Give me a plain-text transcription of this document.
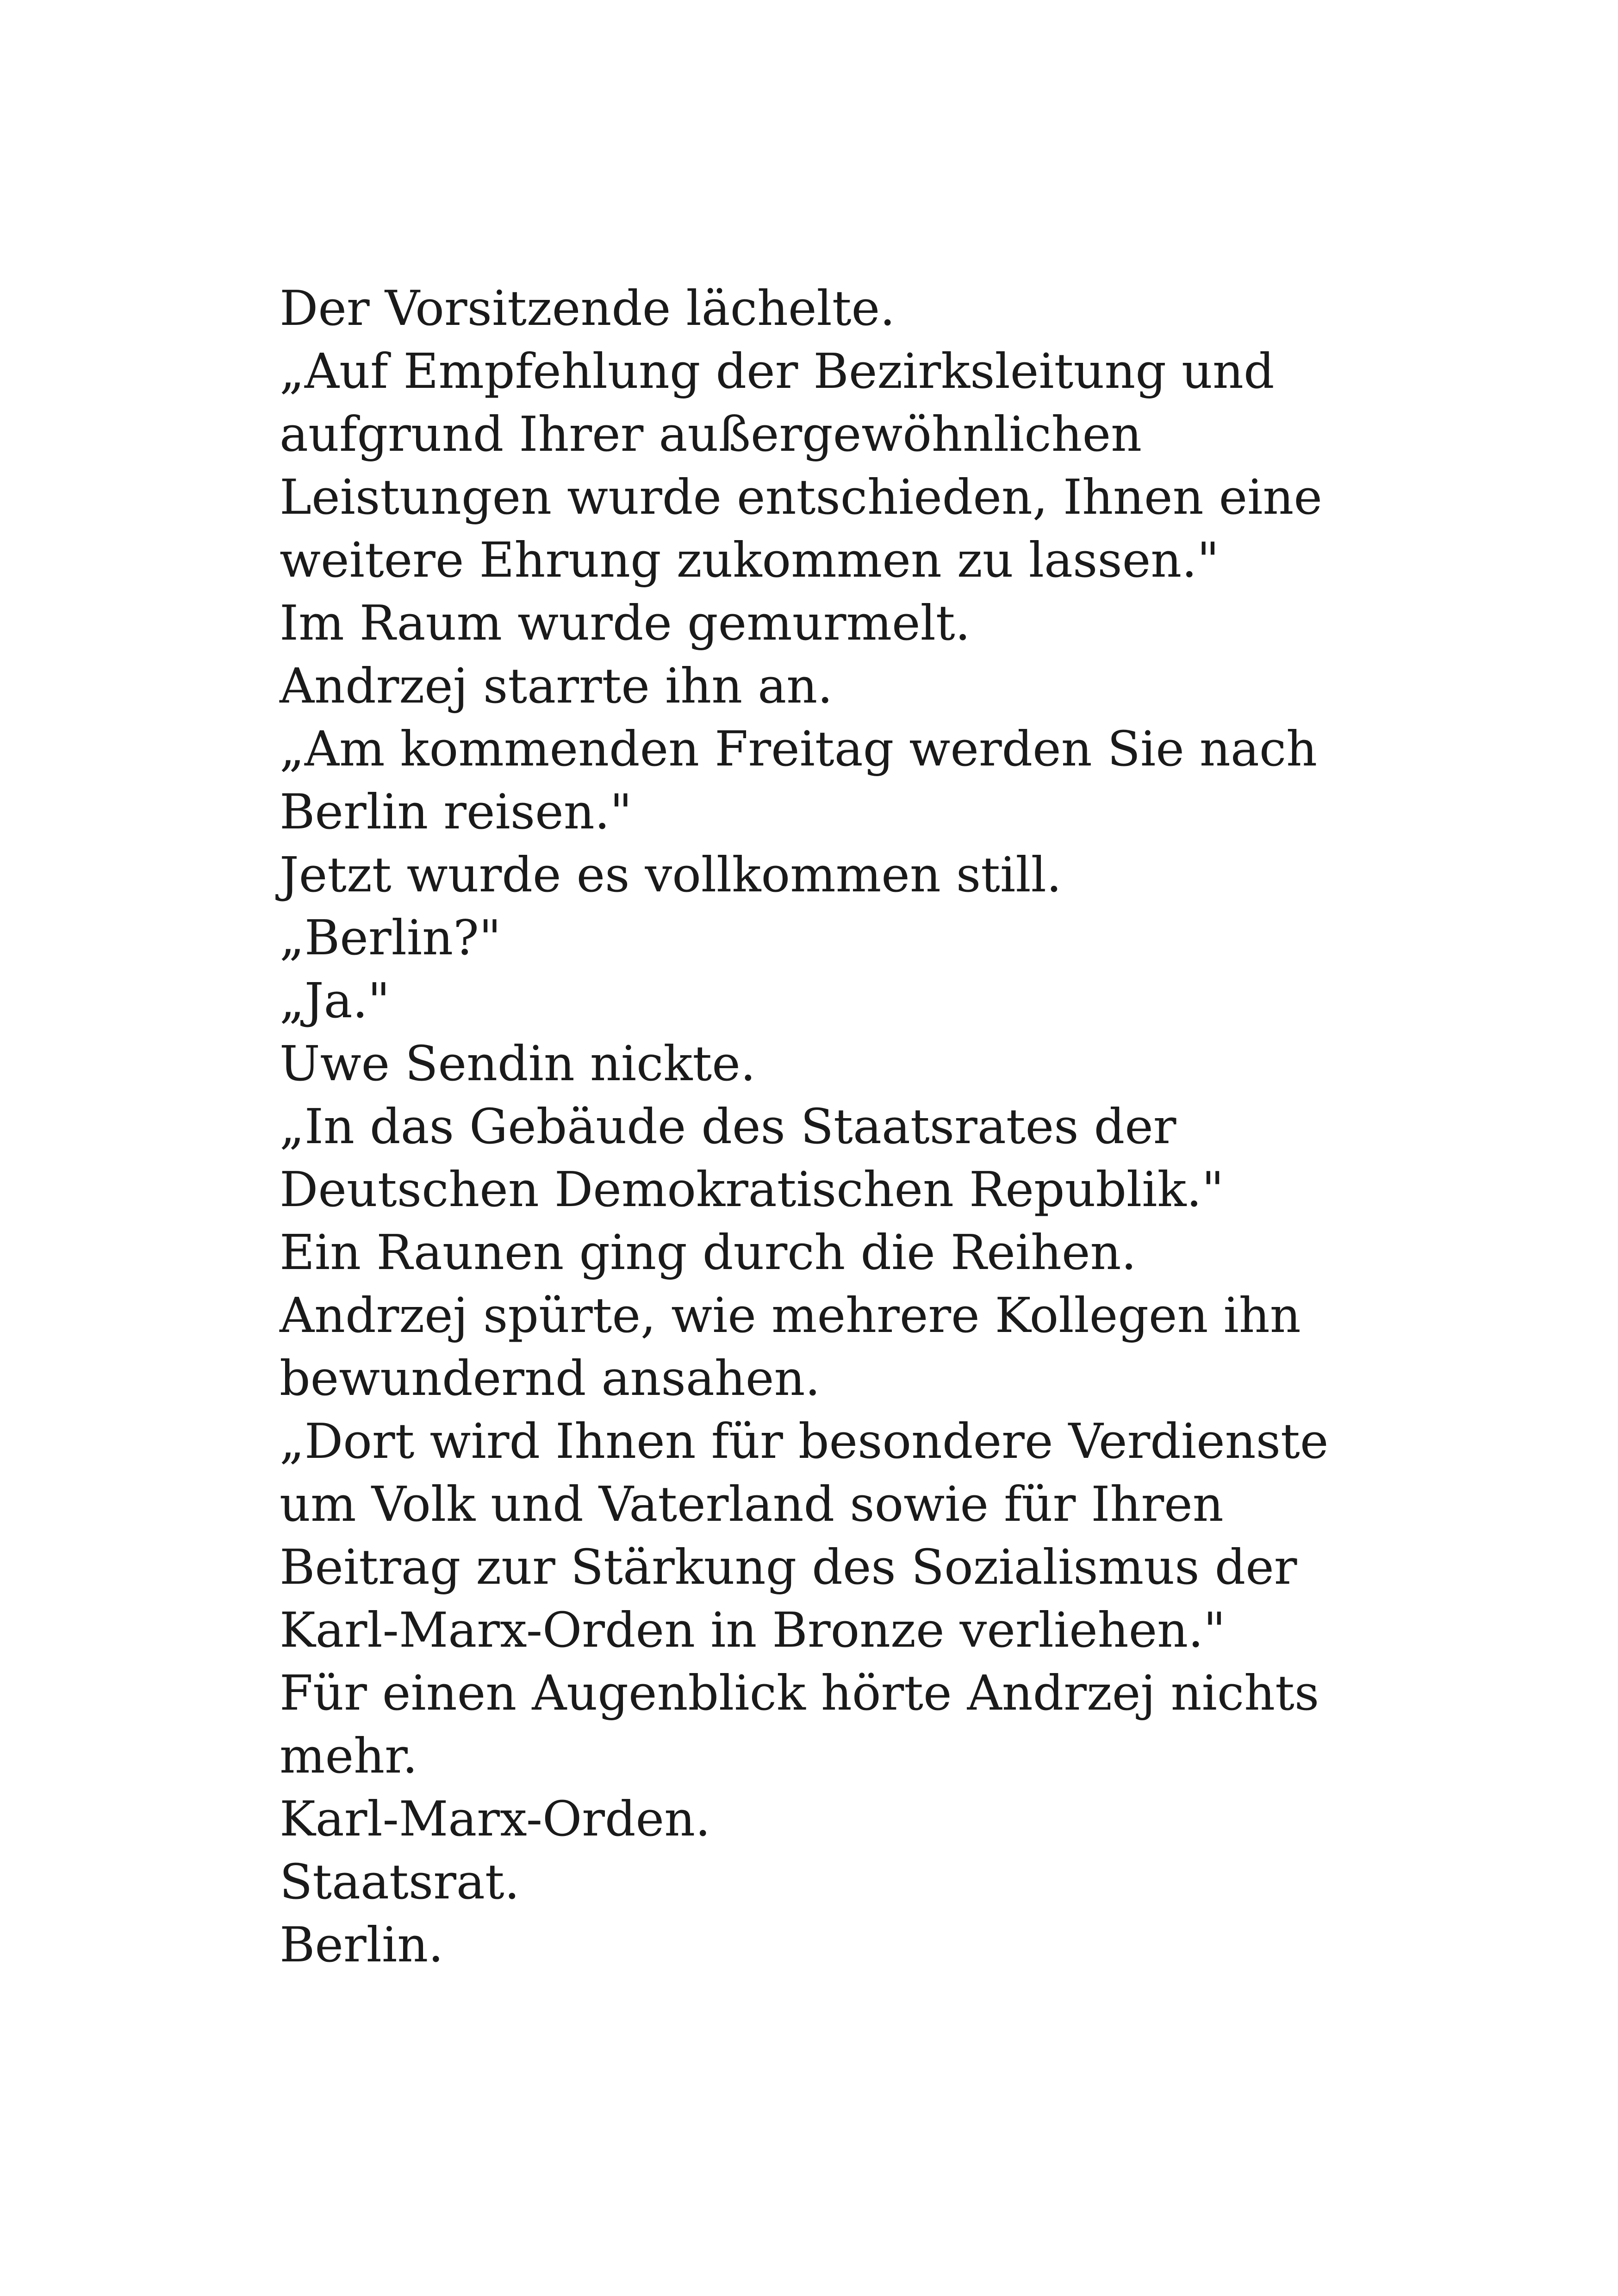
Der Vorsitzende lächelte.
„Auf Empfehlung der Bezirksleitung und
aufgrund Ihrer außergewöhnlichen
Leistungen wurde entschieden, Ihnen eine
weitere Ehrung zukommen zu lassen."
Im Raum wurde gemurmelt.
Andrzej starrte ihn an.
„Am kommenden Freitag werden Sie nach
Berlin reisen."
Jetzt wurde es vollkommen still.
„Berlin?"
„Ja."
Uwe Sendin nickte.
„In das Gebäude des Staatsrates der
Deutschen Demokratischen Republik."
Ein Raunen ging durch die Reihen.
Andrzej spürte, wie mehrere Kollegen ihn
bewundernd ansahen.
„Dort wird Ihnen für besondere Verdienste
um Volk und Vaterland sowie für Ihren
Beitrag zur Stärkung des Sozialismus der
Karl-Marx-Orden in Bronze verliehen."
Für einen Augenblick hörte Andrzej nichts
mehr.
Karl-Marx-Orden.
Staatsrat.
Berlin.
